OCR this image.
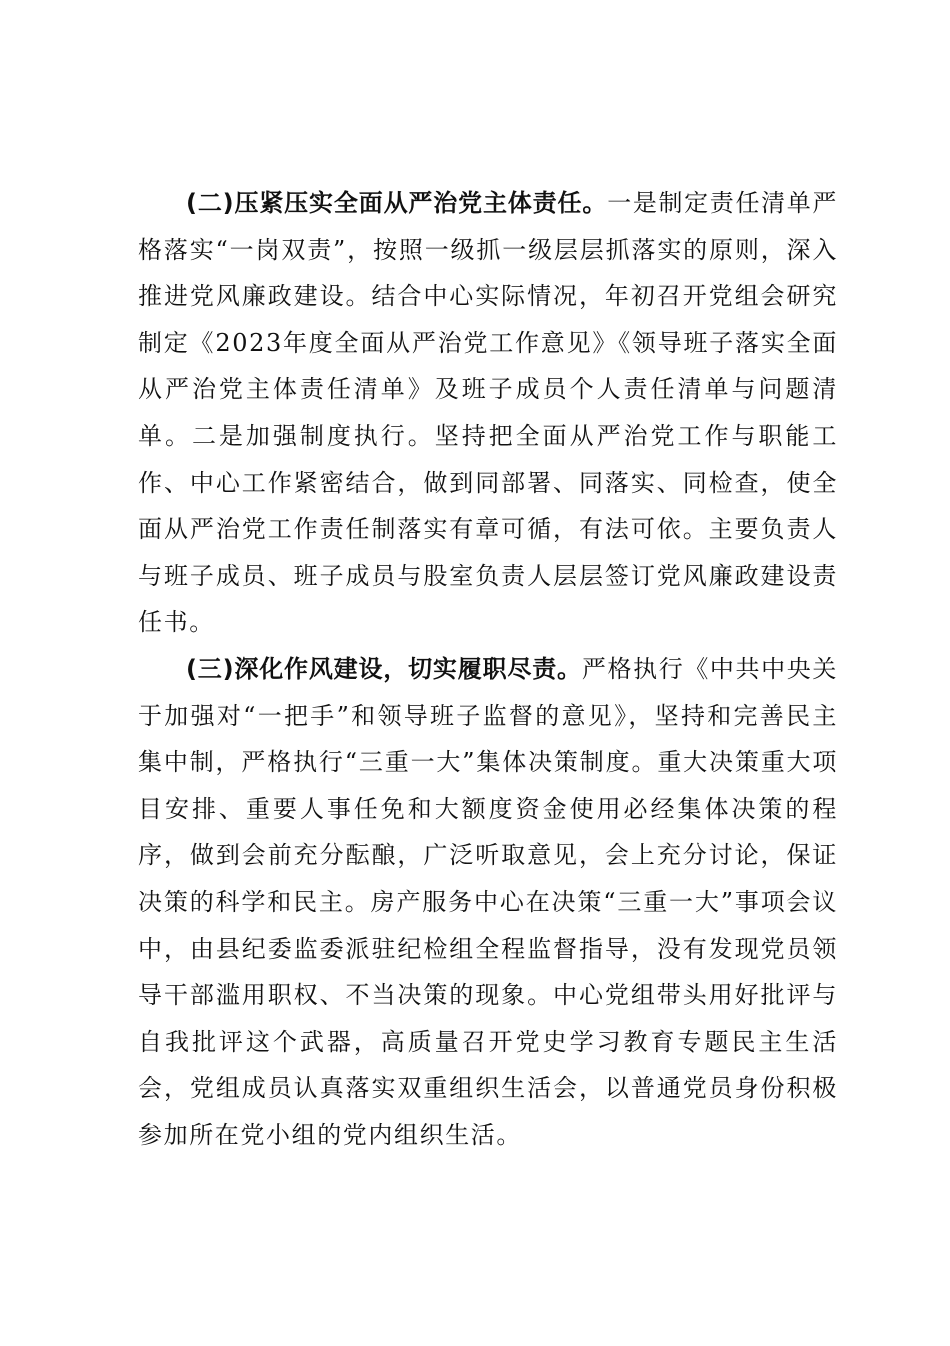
(二)压紧压实全面从严治党主体责任。一是制定责任清单严格落实“一岗双责”，按照一级抓一级层层抓落实的原则，深入推进党风廉政建设。结合中心实际情况，年初召开党组会研究制定《2023年度全面从严治党工作意见》《领导班子落实全面从严治党主体责任清单》及班子成员个人责任清单与问题清单。二是加强制度执行。坚持把全面从严治党工作与职能工作、中心工作紧密结合，做到同部署、同落实、同检查，使全面从严治党工作责任制落实有章可循，有法可依。主要负责人与班子成员、班子成员与股室负责人层层签订党风廉政建设责任书。

(三)深化作风建设，切实履职尽责。严格执行《中共中央关于加强对“一把手”和领导班子监督的意见》，坚持和完善民主集中制，严格执行“三重一大”集体决策制度。重大决策重大项目安排、重要人事任免和大额度资金使用必经集体决策的程序，做到会前充分酝酿，广泛听取意见，会上充分讨论，保证决策的科学和民主。房产服务中心在决策“三重一大”事项会议中，由县纪委监委派驻纪检组全程监督指导，没有发现党员领导干部滥用职权、不当决策的现象。中心党组带头用好批评与自我批评这个武器，高质量召开党史学习教育专题民主生活会，党组成员认真落实双重组织生活会，以普通党员身份积极参加所在党小组的党内组织生活。
